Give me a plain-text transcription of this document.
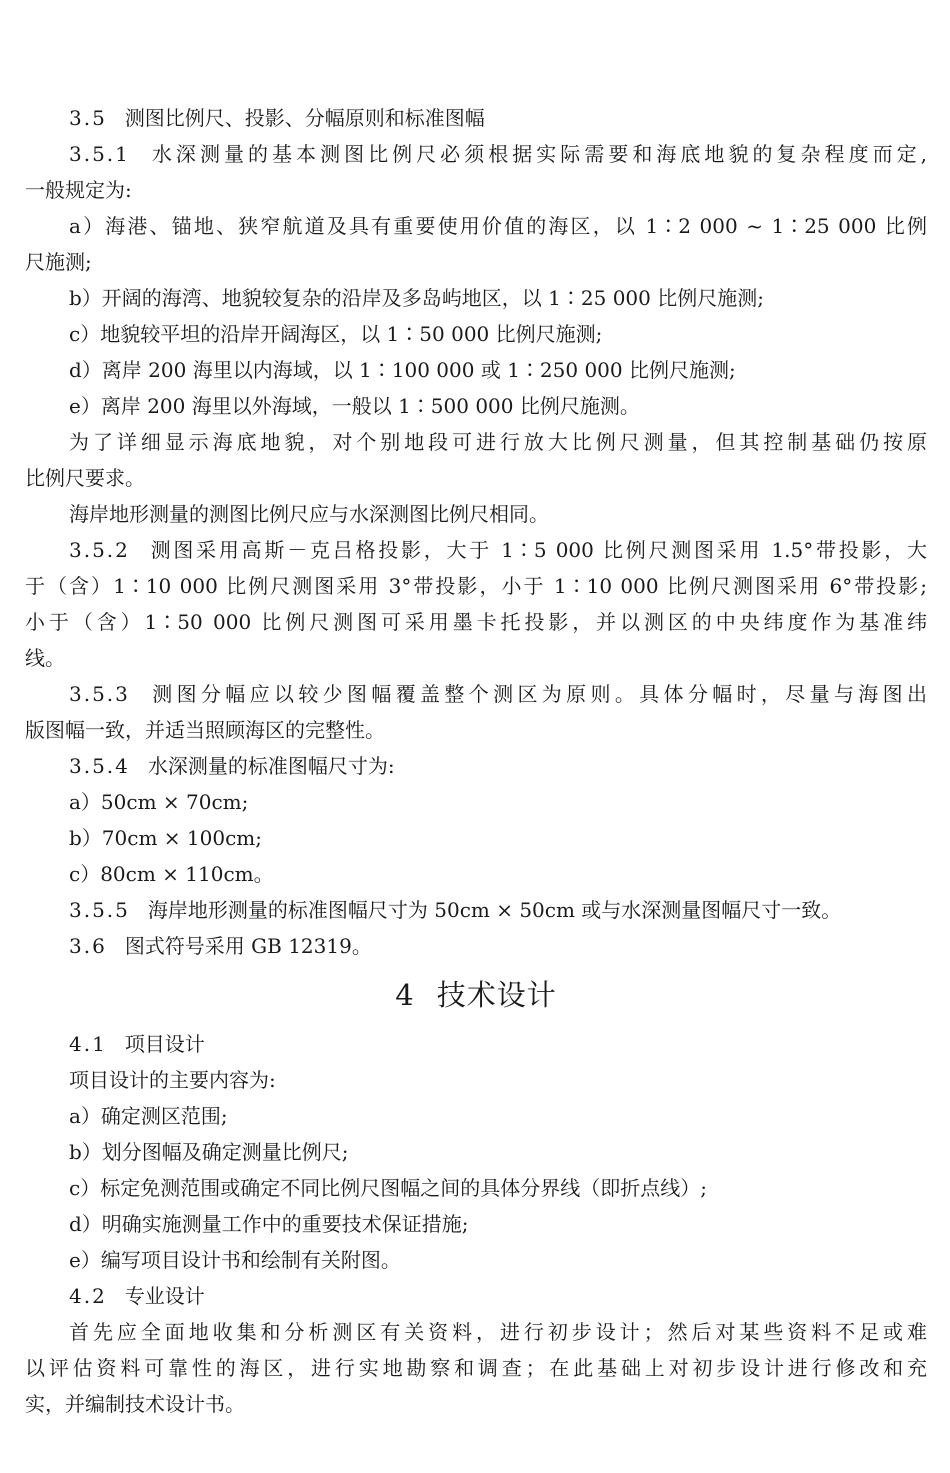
3.5 测图比例尺、投影、分幅原则和标准图幅
3.5.1 水深测量的基本测图比例尺必须根据实际需要和海底地貌的复杂程度而定,
一般规定为:
a）海港、锚地、狭窄航道及具有重要使用价值的海区，以 1∶2 000 ~ 1∶25 000 比例
尺施测;
b）开阔的海湾、地貌较复杂的沿岸及多岛屿地区，以 1∶25 000 比例尺施测;
c）地貌较平坦的沿岸开阔海区，以 1∶50 000 比例尺施测;
d）离岸 200 海里以内海域，以 1∶100 000 或 1∶250 000 比例尺施测;
e）离岸 200 海里以外海域，一般以 1∶500 000 比例尺施测。
为了详细显示海底地貌，对个别地段可进行放大比例尺测量，但其控制基础仍按原
比例尺要求。
海岸地形测量的测图比例尺应与水深测图比例尺相同。
3.5.2 测图采用高斯－克吕格投影，大于 1∶5 000 比例尺测图采用 1.5°带投影，大
于（含）1∶10 000 比例尺测图采用 3°带投影，小于 1∶10 000 比例尺测图采用 6°带投影;
小于（含）1∶50 000 比例尺测图可采用墨卡托投影，并以测区的中央纬度作为基准纬
线。
3.5.3 测图分幅应以较少图幅覆盖整个测区为原则。具体分幅时，尽量与海图出
版图幅一致，并适当照顾海区的完整性。
3.5.4 水深测量的标准图幅尺寸为:
a）50cm × 70cm;
b）70cm × 100cm;
c）80cm × 110cm。
3.5.5 海岸地形测量的标准图幅尺寸为 50cm × 50cm 或与水深测量图幅尺寸一致。
3.6 图式符号采用 GB 12319。
4 技术设计
4.1 项目设计
项目设计的主要内容为:
a）确定测区范围;
b）划分图幅及确定测量比例尺;
c）标定免测范围或确定不同比例尺图幅之间的具体分界线（即折点线）;
d）明确实施测量工作中的重要技术保证措施;
e）编写项目设计书和绘制有关附图。
4.2 专业设计
首先应全面地收集和分析测区有关资料，进行初步设计；然后对某些资料不足或难
以评估资料可靠性的海区，进行实地勘察和调查；在此基础上对初步设计进行修改和充
实，并编制技术设计书。
